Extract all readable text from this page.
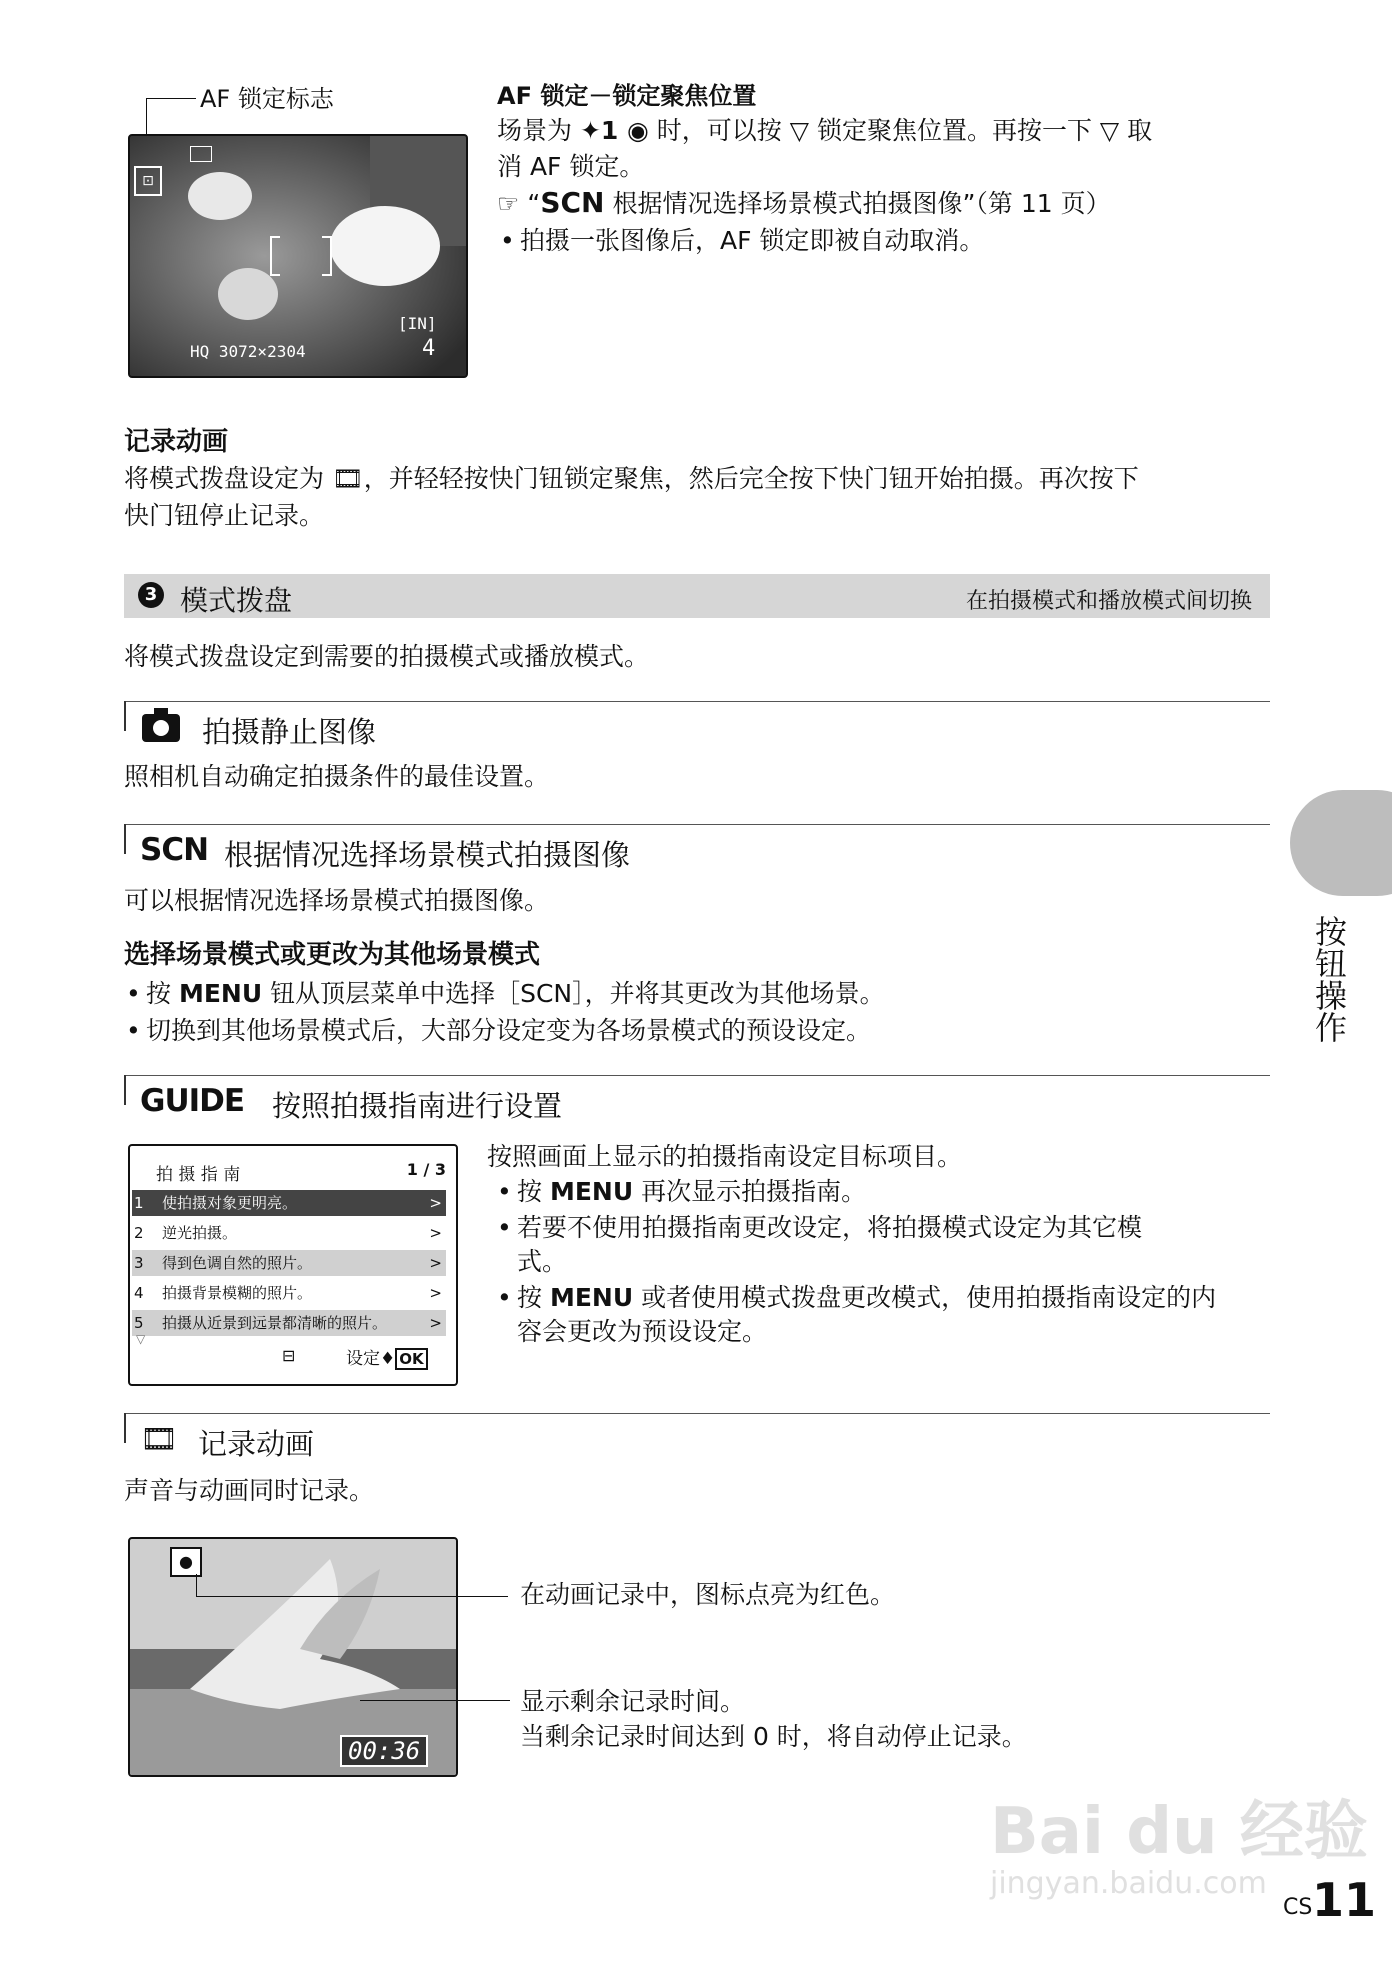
AF 锁定标志
⊡
HQ 3072×2304
[IN]
4
AF 锁定－锁定聚焦位置
场景为 ✦1 ◉ 时，可以按 ▽ 锁定聚焦位置。再按一下 ▽ 取
消 AF 锁定。
☞ “SCN 根据情况选择场景模式拍摄图像”（第 11 页）
• 拍摄一张图像后，AF 锁定即被自动取消。
记录动画
将模式拨盘设定为 🎞，并轻轻按快门钮锁定聚焦，然后完全按下快门钮开始拍摄。再次按下
快门钮停止记录。
3 模式拨盘	在拍摄模式和播放模式间切换
将模式拨盘设定到需要的拍摄模式或播放模式。
拍摄静止图像
照相机自动确定拍摄条件的最佳设置。
SCN 根据情况选择场景模式拍摄图像
可以根据情况选择场景模式拍摄图像。
选择场景模式或更改为其他场景模式
• 按 MENU 钮从顶层菜单中选择［SCN］，并将其更改为其他场景。
• 切换到其他场景模式后，大部分设定变为各场景模式的预设设定。
GUIDE 按照拍摄指南进行设置
拍 摄 指 南	1 / 3
1 使拍摄对象更明亮。	>
2 逆光拍摄。	>
3 得到色调自然的照片。	>
4 拍摄背景模糊的照片。	>
5 拍摄从近景到远景都清晰的照片。	>
▽
⊟	设定♦ OK
按照画面上显示的拍摄指南设定目标项目。
• 按 MENU 再次显示拍摄指南。
• 若要不使用拍摄指南更改设定，将拍摄模式设定为其它模
式。
• 按 MENU 或者使用模式拨盘更改模式，使用拍摄指南设定的内
容会更改为预设设定。
🎞 记录动画
声音与动画同时记录。
●
00:36
在动画记录中，图标点亮为红色。
显示剩余记录时间。
当剩余记录时间达到 0 时，将自动停止记录。
按钮操作
Bai du 经验
jingyan.baidu.com
CS 11
